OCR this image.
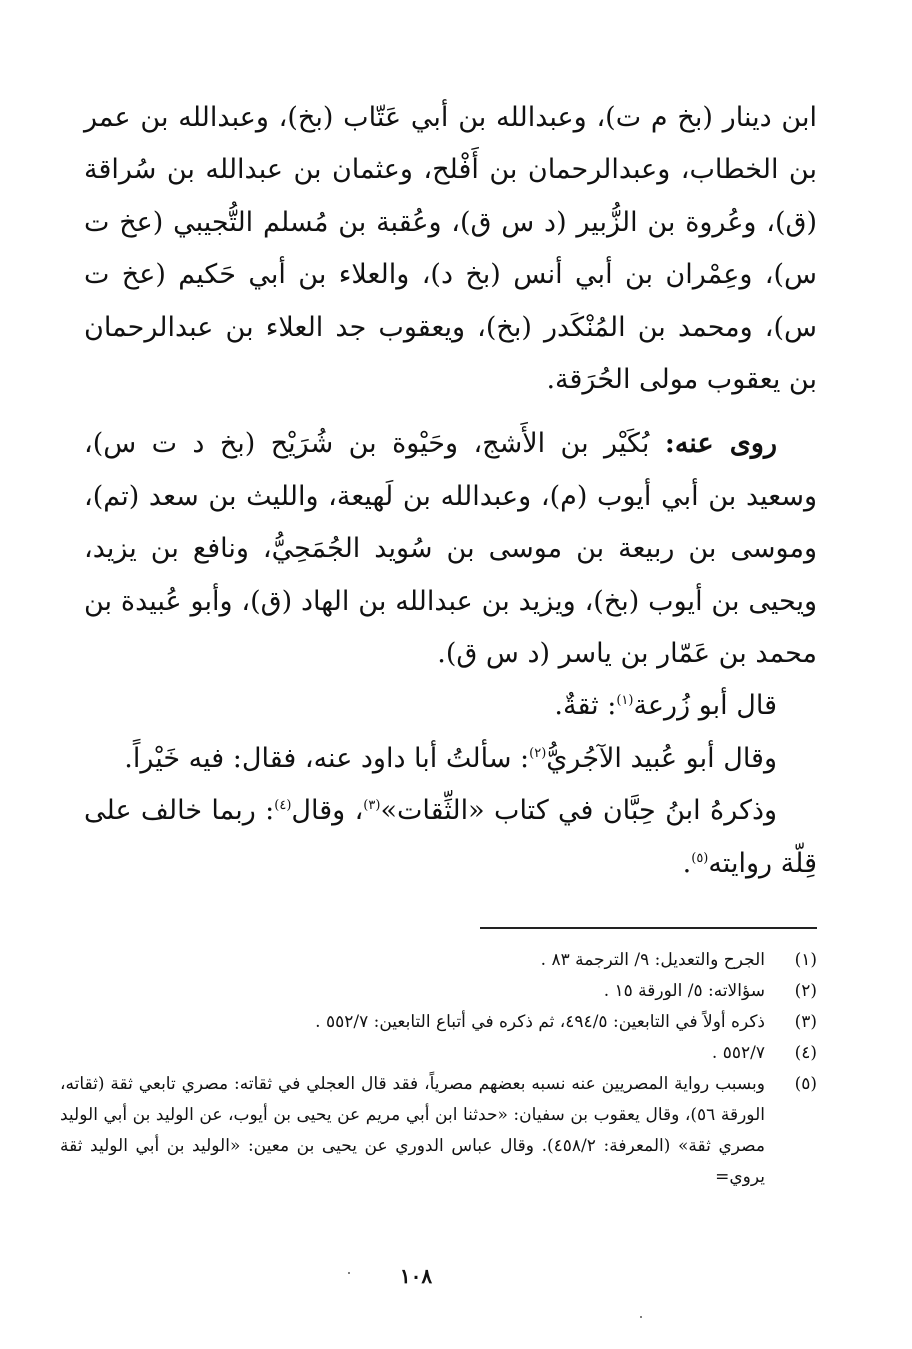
ابن دينار (بخ م ت)، وعبدالله بن أبي عَتّاب (بخ)، وعبدالله بن عمر بن الخطاب، وعبدالرحمان بن أَفْلح، وعثمان بن عبدالله بن سُراقة (ق)، وعُروة بن الزُّبير (د س ق)، وعُقبة بن مُسلم التُّجيبي (عخ ت س)، وعِمْران بن أبي أنس (بخ د)، والعلاء بن أبي حَكيم (عخ ت س)، ومحمد بن المُنْكَدر (بخ)، ويعقوب جد العلاء بن عبدالرحمان بن يعقوب مولى الحُرَقة.

روى عنه: بُكَيْر بن الأَشج، وحَيْوة بن شُرَيْح (بخ د ت س)، وسعيد بن أبي أيوب (م)، وعبدالله بن لَهيعة، والليث بن سعد (تم)، وموسى بن ربيعة بن موسى بن سُويد الجُمَحِيُّ، ونافع بن يزيد، ويحيى بن أيوب (بخ)، ويزيد بن عبدالله بن الهاد (ق)، وأبو عُبيدة بن محمد بن عَمّار بن ياسر (د س ق).

قال أبو زُرعة$^{(١)}$: ثقةٌ.

وقال أبو عُبيد الآجُريُّ$^{(٢)}$: سألتُ أبا داود عنه، فقال: فيه خَيْراً.

وذكرهُ ابنُ حِبَّان في كتاب «الثِّقات»$^{(٣)}$، وقال$^{(٤)}$: ربما خالف على قِلّة روايته$^{(٥)}$.

(١)
الجرح والتعديل: ٩/ الترجمة ٨٣ .
(٢)
سؤالاته: ٥/ الورقة ١٥ .
(٣)
ذكره أولاً في التابعين: ٤٩٤/٥، ثم ذكره في أتباع التابعين: ٥٥٢/٧ .
(٤)
٥٥٢/٧ .
(٥)
وبسبب رواية المصريين عنه نسبه بعضهم مصرياً، فقد قال العجلي في ثقاته: مصري تابعي ثقة (ثقاته، الورقة ٥٦)، وقال يعقوب بن سفيان: «حدثنا ابن أبي مريم عن يحيى بن أيوب، عن الوليد بن أبي الوليد مصري ثقة» (المعرفة: ٤٥٨/٢). وقال عباس الدوري عن يحيى بن معين: «الوليد بن أبي الوليد ثقة يروي=
١٠٨
